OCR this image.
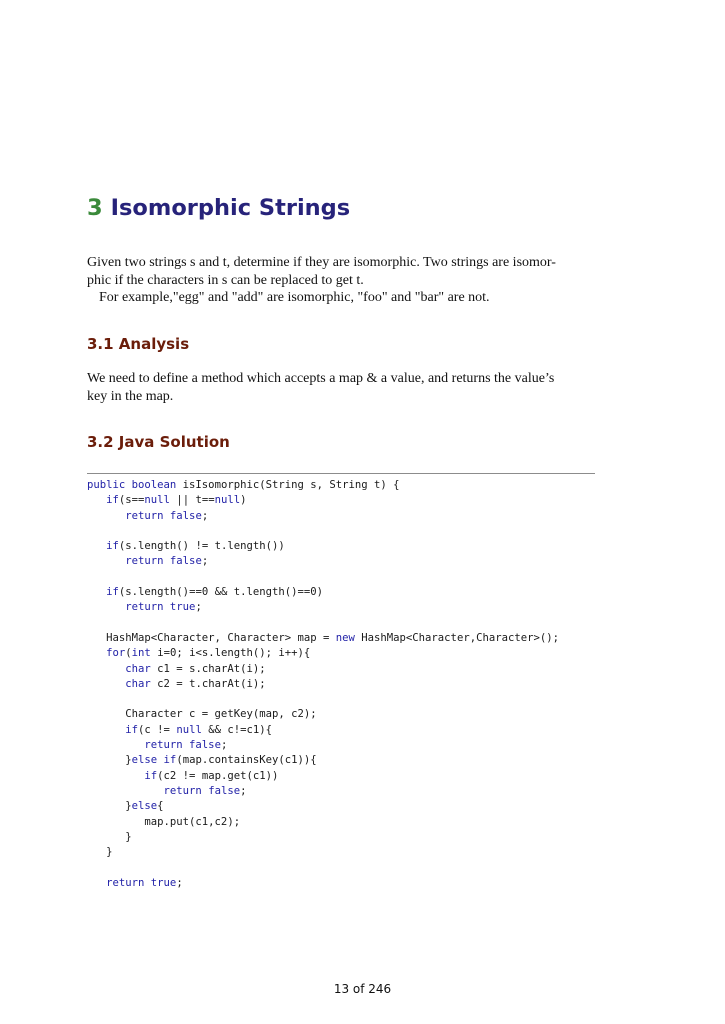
3 Isomorphic Strings

Given two strings s and t, determine if they are isomorphic. Two strings are isomor-
phic if the characters in s can be replaced to get t.
For example,"egg" and "add" are isomorphic, "foo" and "bar" are not.

3.1 Analysis

We need to define a method which accepts a map & a value, and returns the value’s
key in the map.

3.2 Java Solution
public boolean isIsomorphic(String s, String t) {
if(s==null || t==null)
return false;
if(s.length() != t.length())
return false;
if(s.length()==0 && t.length()==0)
return true;
HashMap<Character, Character> map = new HashMap<Character,Character>();
for(int i=0; i<s.length(); i++){
char c1 = s.charAt(i);
char c2 = t.charAt(i);
Character c = getKey(map, c2);
if(c != null && c!=c1){
return false;
}else if(map.containsKey(c1)){
if(c2 != map.get(c1))
return false;
}else{
map.put(c1,c2);
}
}
return true;
13 of 246
